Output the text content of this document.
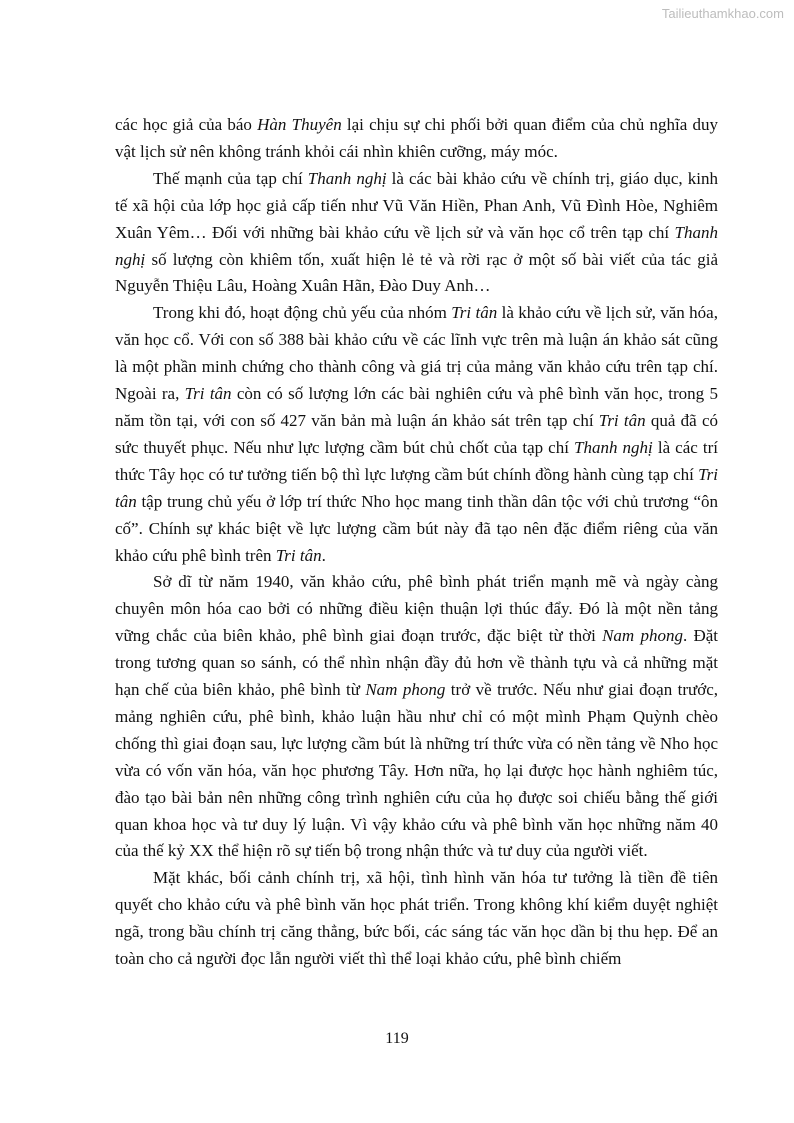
Tailieuthamkhao.com

các học giả của báo Hàn Thuyên lại chịu sự chi phối bởi quan điểm của chủ nghĩa duy vật lịch sử nên không tránh khỏi cái nhìn khiên cưỡng, máy móc.

Thế mạnh của tạp chí Thanh nghị là các bài khảo cứu về chính trị, giáo dục, kinh tế xã hội của lớp học giả cấp tiến như Vũ Văn Hiền, Phan Anh, Vũ Đình Hòe, Nghiêm Xuân Yêm… Đối với những bài khảo cứu về lịch sử và văn học cổ trên tạp chí Thanh nghị số lượng còn khiêm tốn, xuất hiện lẻ tẻ và rời rạc ở một số bài viết của tác giả Nguyễn Thiệu Lâu, Hoàng Xuân Hãn, Đào Duy Anh…

Trong khi đó, hoạt động chủ yếu của nhóm Tri tân là khảo cứu về lịch sử, văn hóa, văn học cổ. Với con số 388 bài khảo cứu về các lĩnh vực trên mà luận án khảo sát cũng là một phần minh chứng cho thành công và giá trị của mảng văn khảo cứu trên tạp chí. Ngoài ra, Tri tân còn có số lượng lớn các bài nghiên cứu và phê bình văn học, trong 5 năm tồn tại, với con số 427 văn bản mà luận án khảo sát trên tạp chí Tri tân quả đã có sức thuyết phục. Nếu như lực lượng cầm bút chủ chốt của tạp chí Thanh nghị là các trí thức Tây học có tư tưởng tiến bộ thì lực lượng cầm bút chính đồng hành cùng tạp chí Tri tân tập trung chủ yếu ở lớp trí thức Nho học mang tinh thần dân tộc với chủ trương “ôn cố”. Chính sự khác biệt về lực lượng cầm bút này đã tạo nên đặc điểm riêng của văn khảo cứu phê bình trên Tri tân.

Sở dĩ từ năm 1940, văn khảo cứu, phê bình phát triển mạnh mẽ và ngày càng chuyên môn hóa cao bởi có những điều kiện thuận lợi thúc đẩy. Đó là một nền tảng vững chắc của biên khảo, phê bình giai đoạn trước, đặc biệt từ thời Nam phong. Đặt trong tương quan so sánh, có thể nhìn nhận đầy đủ hơn về thành tựu và cả những mặt hạn chế của biên khảo, phê bình từ Nam phong trở về trước. Nếu như giai đoạn trước, mảng nghiên cứu, phê bình, khảo luận hầu như chỉ có một mình Phạm Quỳnh chèo chống thì giai đoạn sau, lực lượng cầm bút là những trí thức vừa có nền tảng về Nho học vừa có vốn văn hóa, văn học phương Tây. Hơn nữa, họ lại được học hành nghiêm túc, đào tạo bài bản nên những công trình nghiên cứu của họ được soi chiếu bằng thế giới quan khoa học và tư duy lý luận. Vì vậy khảo cứu và phê bình văn học những năm 40 của thế kỷ XX thể hiện rõ sự tiến bộ trong nhận thức và tư duy của người viết.

Mặt khác, bối cảnh chính trị, xã hội, tình hình văn hóa tư tưởng là tiền đề tiên quyết cho khảo cứu và phê bình văn học phát triển. Trong không khí kiểm duyệt nghiệt ngã, trong bầu chính trị căng thẳng, bức bối, các sáng tác văn học dần bị thu hẹp. Để an toàn cho cả người đọc lẫn người viết thì thể loại khảo cứu, phê bình chiếm

119
